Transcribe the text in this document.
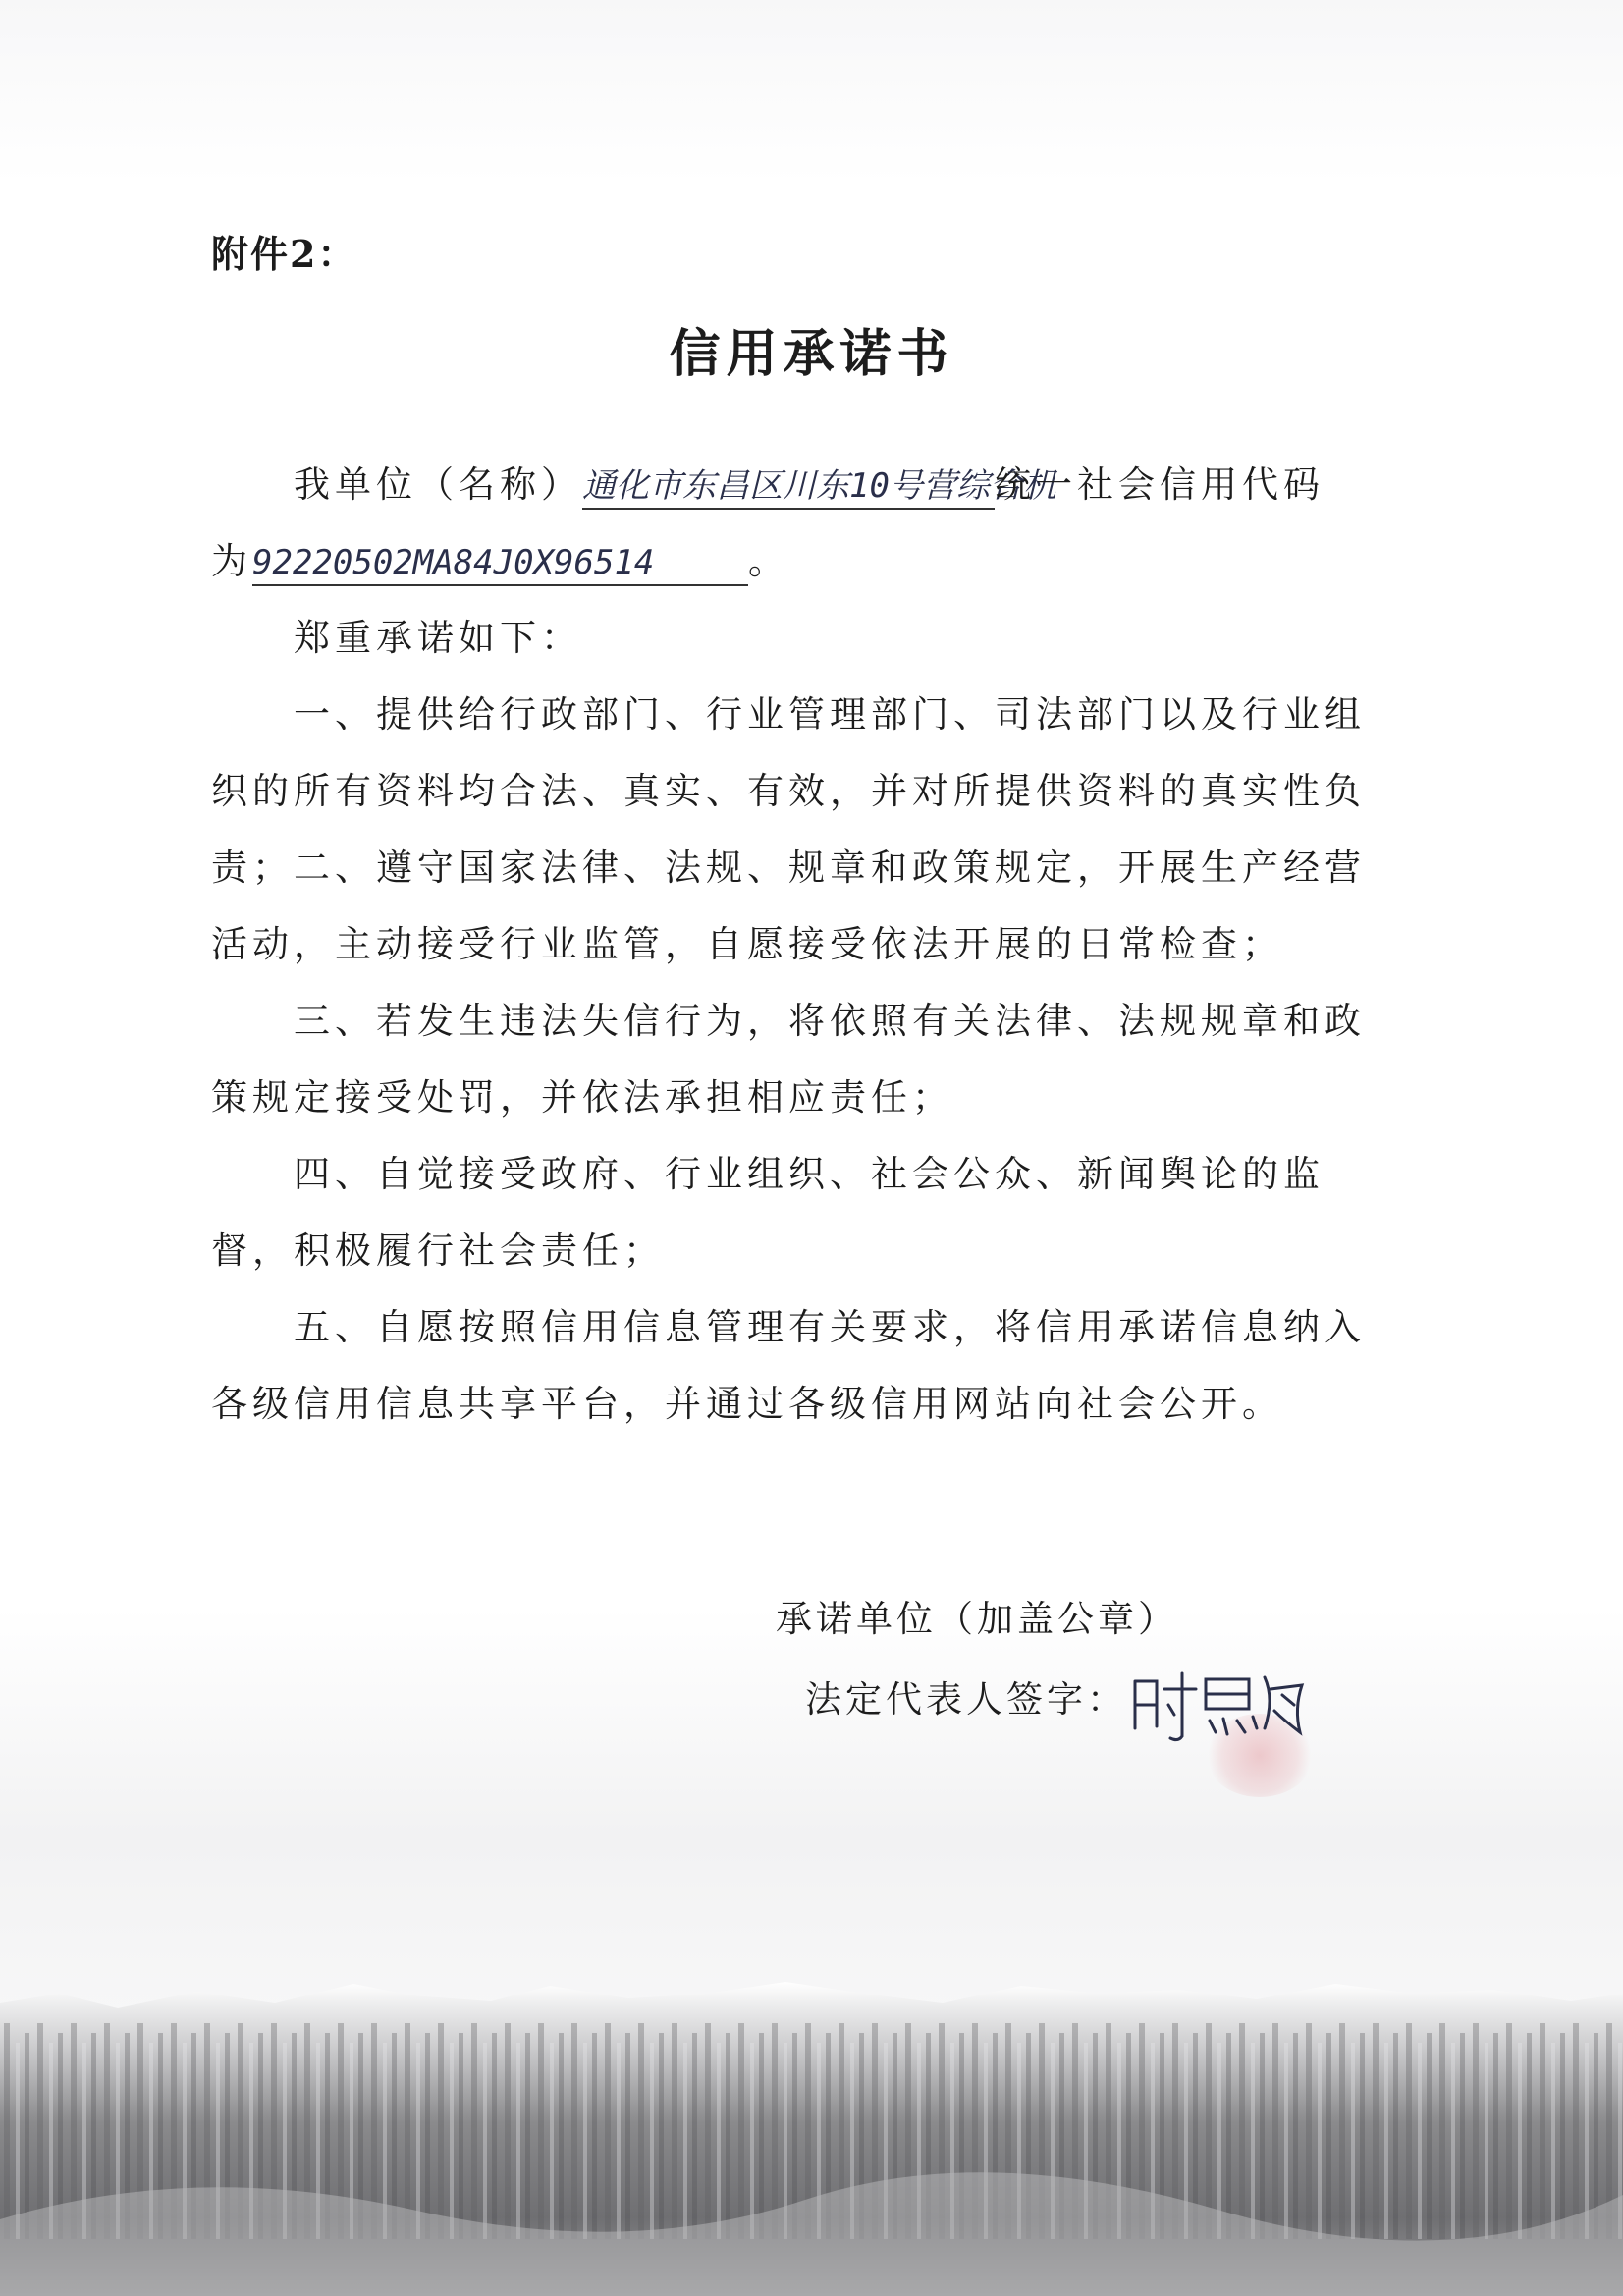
附件2：
信用承诺书
我单位（名称）通化市东昌区川东10号营综合机统一社会信用代码
为92220502MA84J0X96514	。
郑重承诺如下：
一、提供给行政部门、行业管理部门、司法部门以及行业组织的所有资料均合法、真实、有效，并对所提供资料的真实性负责； 二、遵守国家法律、法规、规章和政策规定，开展生产经营活动，主动接受行业监管，自愿接受依法开展的日常检查；
三、若发生违法失信行为，将依照有关法律、法规规章和政策规定接受处罚，并依法承担相应责任；
四、自觉接受政府、行业组织、社会公众、新闻舆论的监督，积极履行社会责任；
五、自愿按照信用信息管理有关要求，将信用承诺信息纳入各级信用信息共享平台，并通过各级信用网站向社会公开。
承诺单位（加盖公章）
法定代表人签字：
